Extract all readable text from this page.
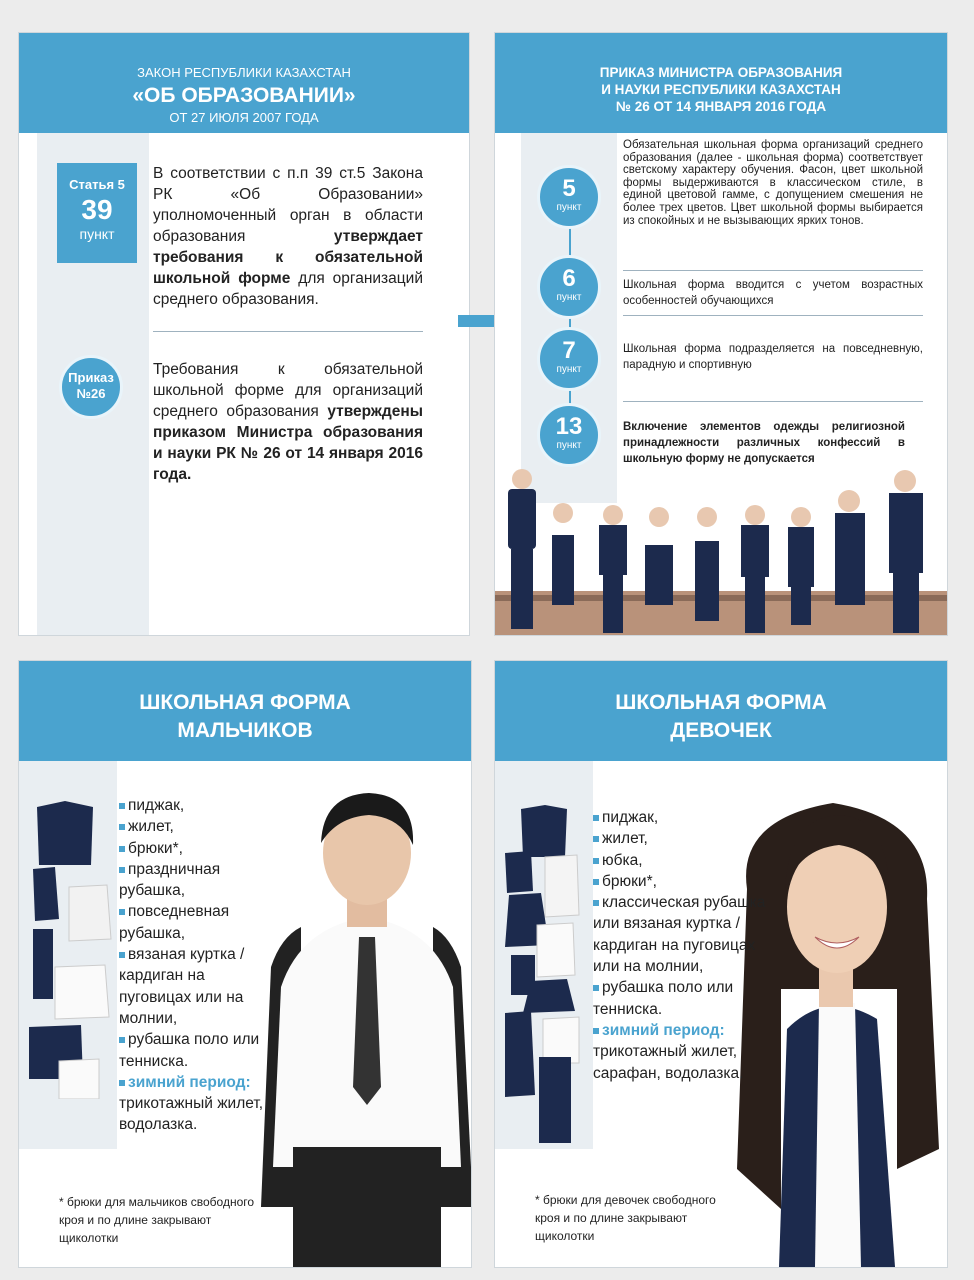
ЗАКОН РЕСПУБЛИКИ КАЗАХСТАН
«ОБ ОБРАЗОВАНИИ»
ОТ 27 ИЮЛЯ 2007 ГОДА
Статья 5
39
пункт
В соответствии с п.п 39 ст.5 Закона РК «Об Образовании» уполномоченный орган в области образования утверждает требования к обязательной школьной форме для организаций среднего образования.
Приказ
№26
Требования к обязательной школьной форме для организаций среднего образования утверждены приказом Министра образования и науки РК № 26 от 14 января 2016 года.
ПРИКАЗ МИНИСТРА ОБРАЗОВАНИЯ
И НАУКИ РЕСПУБЛИКИ КАЗАХСТАН
№ 26 ОТ 14 ЯНВАРЯ 2016 ГОДА
5
пункт
6
пункт
7
пункт
13
пункт
Обязательная школьная форма организаций среднего образования (далее - школьная форма) соответствует светскому характеру обучения. Фасон, цвет школьной формы выдерживаются в классическом стиле, в единой цветовой гамме, с допущением смешения не более трех цветов. Цвет школьной формы выбирается из спокойных и не вызывающих ярких тонов.
Школьная форма вводится с учетом возрастных особенностей обучающихся
Школьная форма подразделяется на повседневную, парадную и спортивную
Включение элементов одежды религиозной принадлежности различных конфессий в школьную форму не допускается
ШКОЛЬНАЯ ФОРМА
МАЛЬЧИКОВ
пиджак,
жилет,
брюки*,
праздничная рубашка,
повседневная рубашка,
вязаная куртка / кардиган на пуговицах или на молнии,
рубашка поло или тенниска.
зимний период:
трикотажный жилет, водолазка.
* брюки для мальчиков свободного кроя и по длине закрывают щиколотки
ШКОЛЬНАЯ ФОРМА
ДЕВОЧЕК
пиджак,
жилет,
юбка,
брюки*,
классическая рубашка или вязаная куртка / кардиган на пуговицах или на молнии,
рубашка поло или тенниска.
зимний период:
трикотажный жилет, сарафан, водолазка.
* брюки для девочек свободного кроя и по длине закрывают щиколотки
